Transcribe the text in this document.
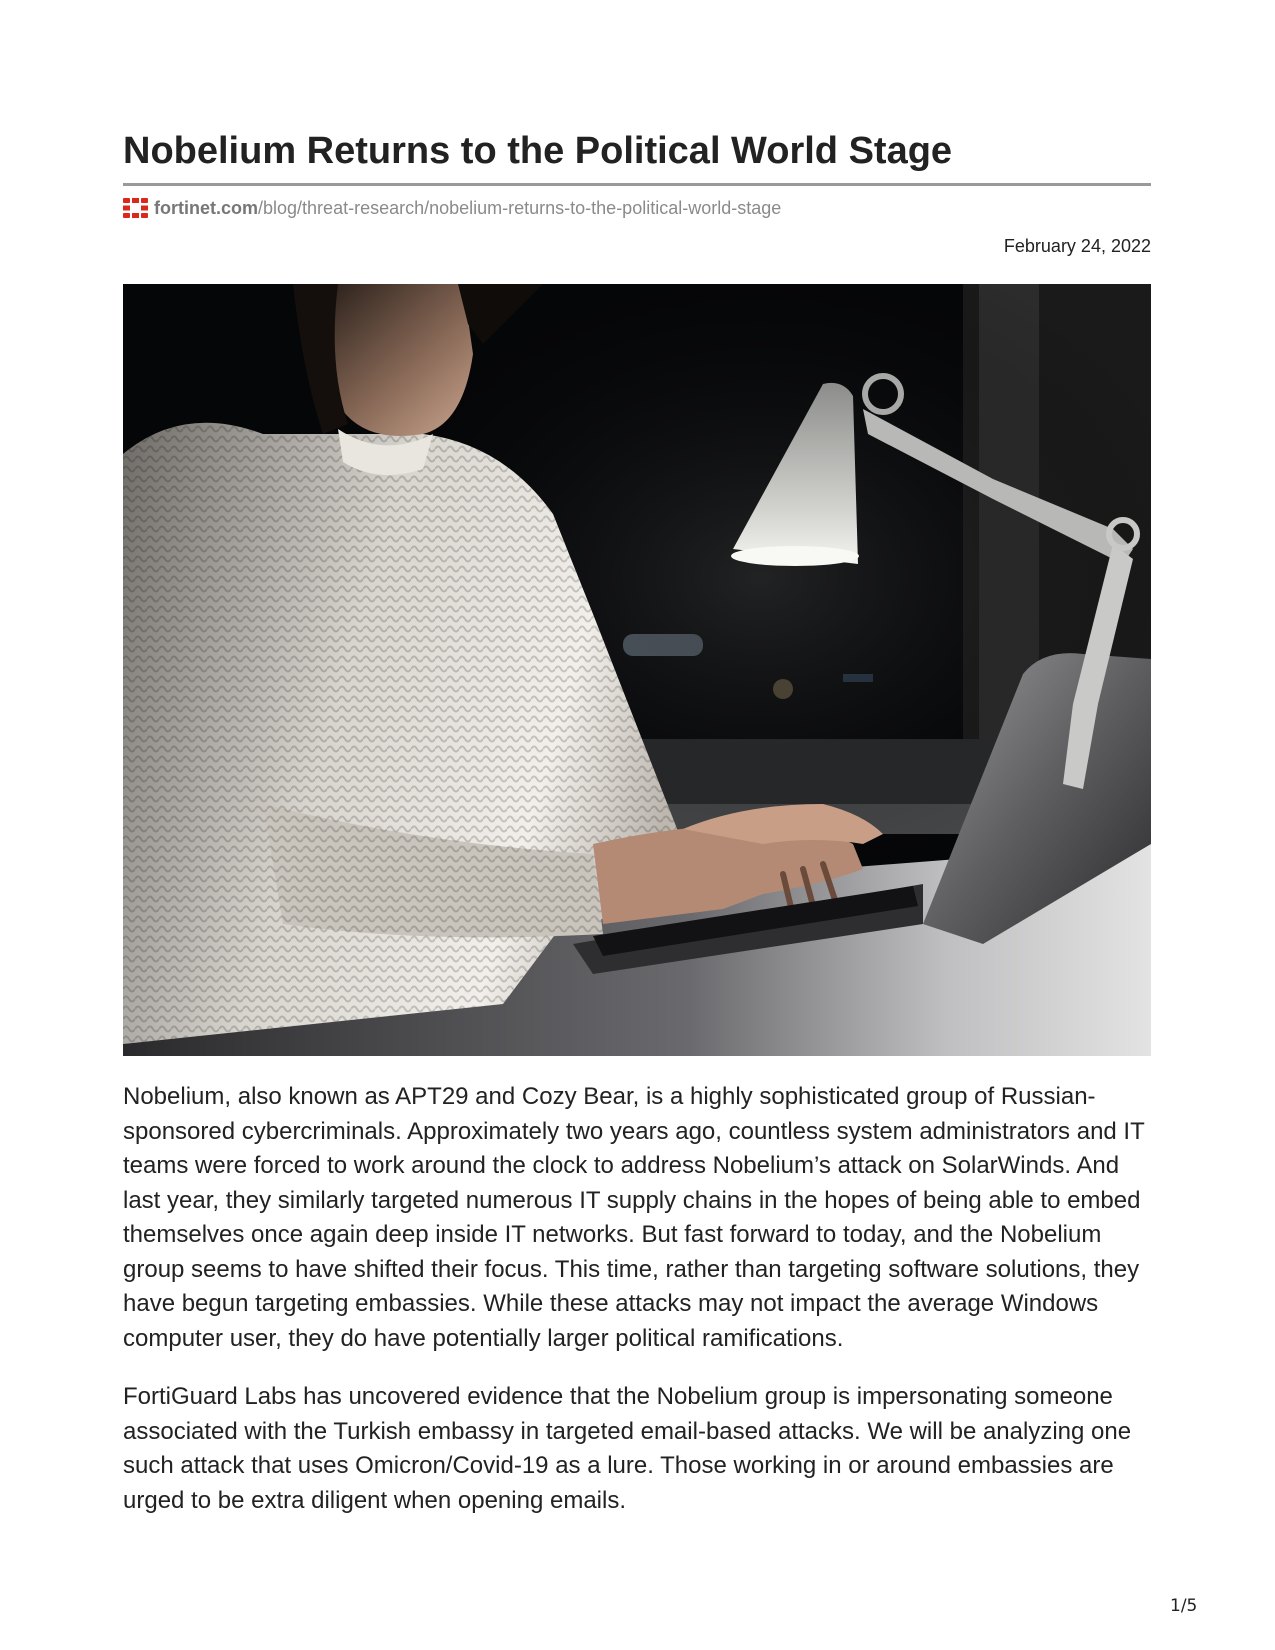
Nobelium Returns to the Political World Stage
fortinet.com /blog/threat-research/nobelium-returns-to-the-political-world-stage
February 24, 2022

Nobelium, also known as APT29 and Cozy Bear, is a highly sophisticated group of Russian-sponsored cybercriminals. Approximately two years ago, countless system administrators and IT teams were forced to work around the clock to address Nobelium’s attack on SolarWinds. And last year, they similarly targeted numerous IT supply chains in the hopes of being able to embed themselves once again deep inside IT networks. But fast forward to today, and the Nobelium group seems to have shifted their focus. This time, rather than targeting software solutions, they have begun targeting embassies. While these attacks may not impact the average Windows computer user, they do have potentially larger political ramifications.

FortiGuard Labs has uncovered evidence that the Nobelium group is impersonating someone associated with the Turkish embassy in targeted email-based attacks. We will be analyzing one such attack that uses Omicron/Covid-19 as a lure. Those working in or around embassies are urged to be extra diligent when opening emails.

1/5
